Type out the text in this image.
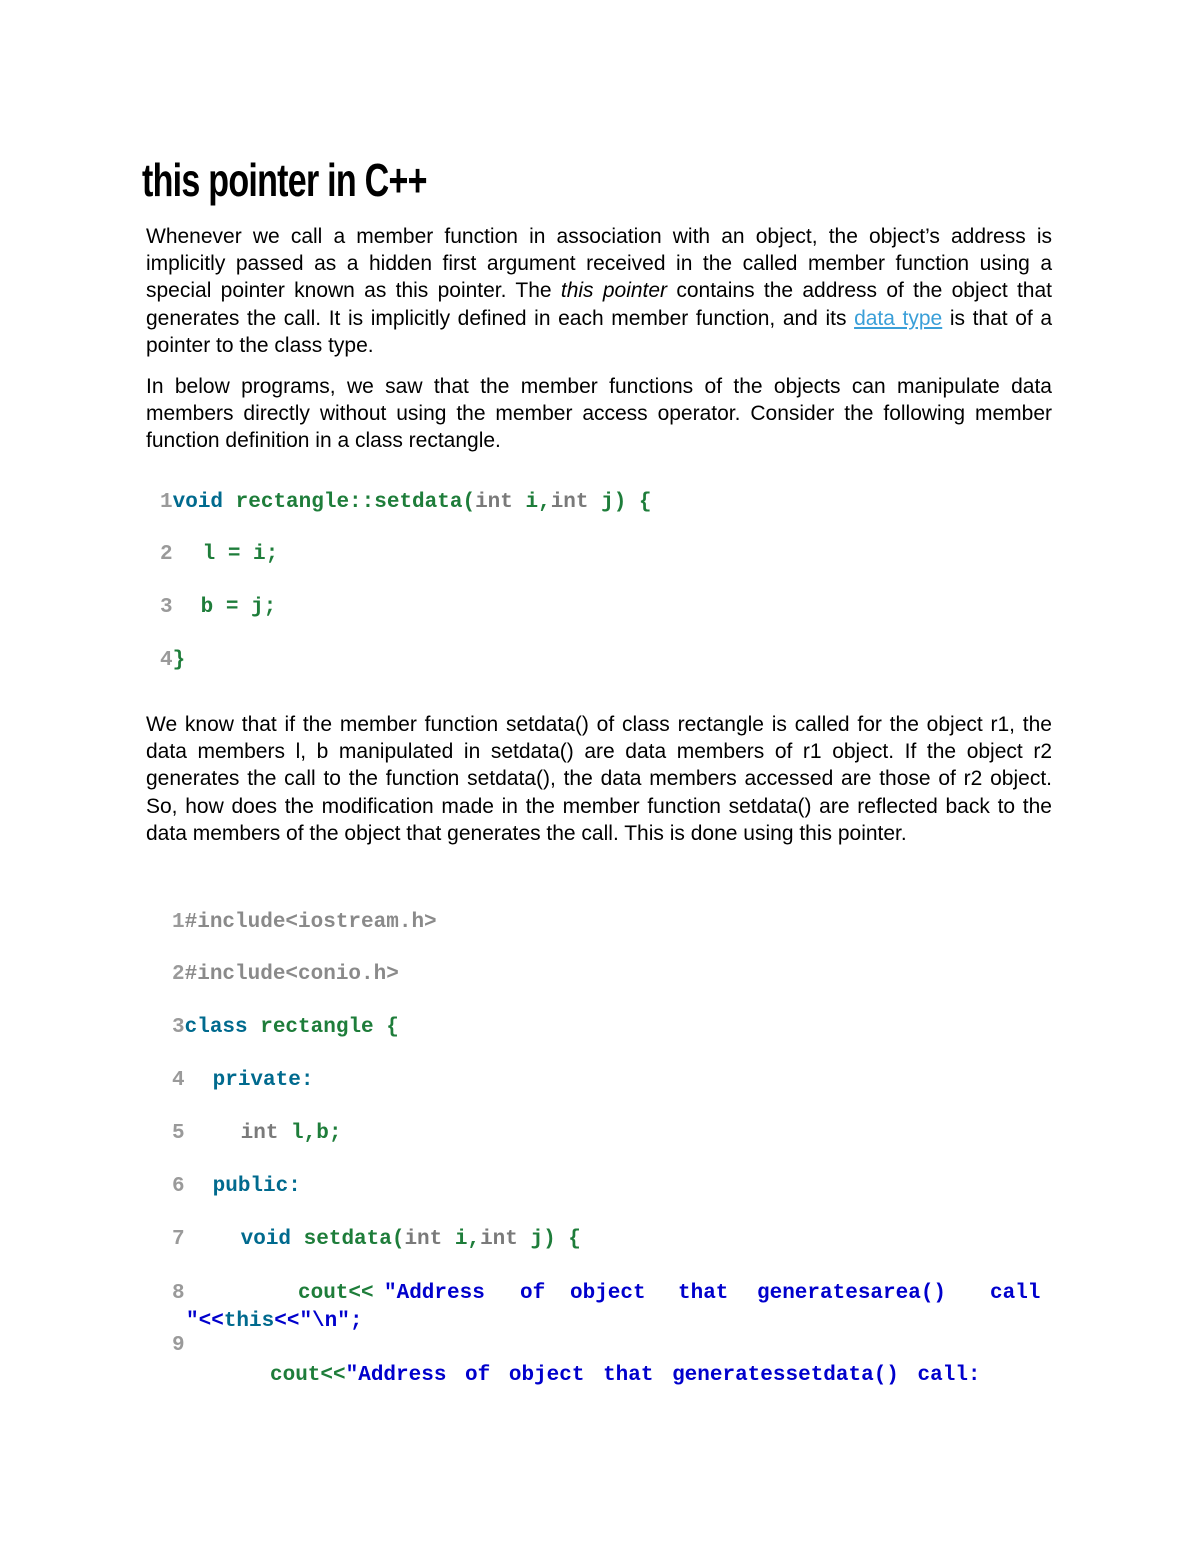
this pointer in C++

Whenever we call a member function in association with an object, the object’s address is implicitly passed as a hidden first argument received in the called member function using a special pointer known as this pointer. The this pointer contains the address of the object that generates the call. It is implicitly defined in each member function, and its data type is that of a pointer to the class type.

In below programs, we saw that the member functions of the objects can manipulate data members directly without using the member access operator. Consider the following member function definition in a class rectangle.

1void rectangle::setdata(int i,int j) {
2 l = i;
3 b = j;
4}

We know that if the member function setdata() of class rectangle is called for the object r1, the data members l, b manipulated in setdata() are data members of r1 object. If the object r2 generates the call to the function setdata(), the data members accessed are those of r2 object. So, how does the modification made in the member function setdata() are reflected back to the data members of the object that generates the call. This is done using this pointer.

1#include<iostream.h>
2#include<conio.h>
3class rectangle {
4 private:
5	int l,b;
6 public:
7	void setdata(int i,int j) {
8	cout<< "Address of object that generatesarea() call
"<<this<<"\n";
9
cout<<"Address of object that generatessetdata() call:
